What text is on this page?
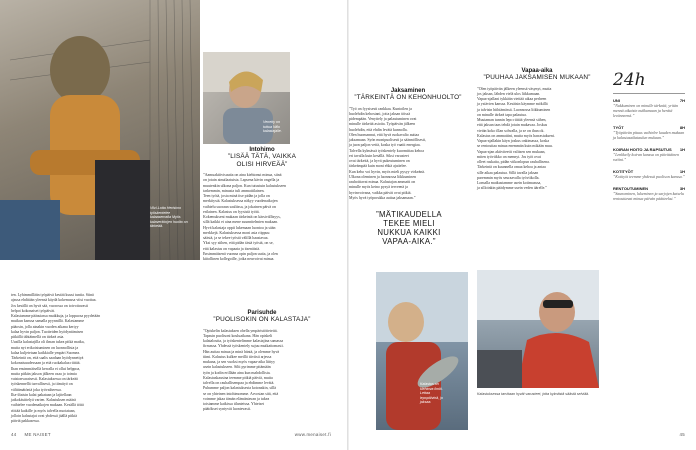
Viivi-Lotta Hertsimo työskentelee kalaasemalla Myös kalaverkkojen huolto on tärkeää.
Venetty on tuttua Niilo kalastajalle.
ten. Lyhimmillään työpäivä kestää kuusi tuntia. Siinä
ajassa ehditään yleensä käydä kokemassa viisi vuottaa.
Jos kesällä on hyvä sää, vuorossa on toivottavasti
helpot kokonaiset työpäivät.
Kalastamme pääasiassa muikkuja, ja loppuosa pyydetään
muikun kanssa samalla pyynnillä. Kalastamme
pääosin, jolla ainakin vuoden aikana kertyy
kalaa hyvin paljon. Tuotteiden hyödyntämisen
pitkällä tähtäimellä on tärkeä asia.
Uusilla kalastajilla oli ilman tukea pitkä matka,
mutta nyt erikoistuminen on luonnollista ja
kalaa kuljetetaan kaikkialle ympäri Suomea.
Tärkeintä on, että saalis saadaan hyödynnettyä
kokonaisuudessaan ja että ruokakalaa riittää.
Ihan ensimmäisellä kerralla ei ollut helppoa,
mutta pitkän jakson jälkeen osaa jo toimia
vaistonvaraisesti. Kalastuksessa on tärkeää
työskennellä turvallisesti, ja tiimityö on
välttämätöntä joka työvaiheessa.
Ilta-iltaisin kalat pakataan ja lajitellaan
jatkokäsittelyä varten. Kalastuksen määrä
vaihtelee vuodenaikojen mukaan. Kesällä töitä
riittää kaikille ja myös talvella nuotataan,
jolloin kalastajat ovat yhdessä jäällä pitkiä
päiviä pakkasessa.
Intohimo
”LISÄÄ TÄTÄ, VAIKKA
OLISI HIRVEÄÄ”
”Aamuaktiivisuutta on aina kiehtonut minua, siinä
on jotain ainutlaatuista. Lapsena kävin ongella ja
muutenkin ulkona paljon. Kun tutustuin kalastukseen
tarkemmin, minusta tuli ammattilainen.
Teen työtä, josta minä itse pidän ja jolla on
merkitystä. Kalastuksessa näkyy vuodenaikojen
vaihtelu suoraan saaliissa, ja jokainen päivä on
erilainen. Kalastus on fyysistä työtä.
Kokemukseni mukaan tärkeintä on kärsivällisyys,
sillä kaikki ei aina mene suunnitelmien mukaan.
Hyvä kalastaja oppii lukemaan luontoa ja sään
merkkejä. Kalastuksessa moni asia riippuu
säästä, ja se tekee työstä välillä haastavaa.
Yksi syy siihen, että pidän tästä työstä, on se,
että kalastus on vapaata ja itsenäistä.
Ensimmäisenä vuonna opin paljon uutta, ja olen
kiitollinen kollegoille, jotka neuvoivat minua.
Parisuhde
”PUOLISOKIN ON KALASTAJA”
”Opiskelin kalastuksen ohella ympäristötieteitä.
Tapasin puolisoni kouluaikana. Hän opiskeli
kalataloutta, ja työskentelimme kalastajina samassa
firmassa. Yhdessä työskentely sujuu mutkattomasti.
Hän auttaa minua ja minä häntä, ja olemme hyvä
tiimi. Kalastus kulkee meillä tiiviisti arjessa
mukana, ja sen vuoksi myös vapaa-aika liittyy
usein kalastukseen. Silti pyrimme pitämään
työn ja kodin erillään aina kun mahdollista.
Kalastuskausina teemme pitkiä päiviä, mutta
talvella on rauhallisempaa ja ehdimme levätä.
Puhumme paljon kalastuksesta kotonakin, sillä
se on yhteinen intohimomme. Arvostan sitä, että
voimme jakaa tämän elämäntavan ja tukea
toisiamme kaikissa tilanteissa. Yhteiset
päätökset syntyvät luontevasti.
44 ME NAISET	www.menaiset.fi
Jaksaminen
”TÄRKEINTÄ ON KEHONHUOLTO”
”Työ on fyysisesti rankkaa. Kuntoilen ja
huolehdin kehostani, jotta jaksan töissä
pidempään. Venyttely ja palautuminen ovat
minulle tärkeitä asioita. Työpäivän jälkeen
huolehdin, että ehdin levätä kunnolla.
Olen huomannut, että hyvä ruokavalio auttaa
jaksamaan. Syön monipuolisesti ja säännöllisesti,
ja juon paljon vettä, koska työ vaatii energiaa.
Talvella kylmässä työskentely kuormittaa kehoa
eri tavalla kuin kesällä. Siksi varusteet
ovat tärkeitä, ja hyvä pukeutuminen on
tärkeämpää kuin moni ehkä ajattelee.
Kun keho voi hyvin, myös mieli pysyy virkeänä.
Ulkona oleminen ja luonnossa liikkuminen
rauhoittavat minua. Kalastajan ammatti on
minulle myös keino pysyä terveenä ja
hyvinvoivana, vaikka päivät ovat pitkiä.
Myös hyvä työporukka auttaa jaksamaan.”
”MÄTIKAUDELLA
TEKEE MIELI
NUKKUA KAIKKI
VAPAA-AIKA.”
Vapaa-aika
”PUUHAA JAKSAMISEN MUKAAN”
”Olen työpäivän jälkeen yleensä väsynyt, mutta
jos jaksan, lähden vielä ulos liikkumaan.
Vapaa-ajallani tykkään viettää aikaa perheen
ja ystävien kanssa. Kesäisin käymme mökillä
ja talvisin hiihtämässä. Luonnossa liikkuminen
on minulle tärkeä tapa palautua.
Muutaman tunnin lepo riittää yleensä siihen,
että jaksan taas tehdä jotain mukavaa. Joskus
vietän koko illan sohvalla, ja se on ihan ok.
Kalastus on ammattini, mutta myös harrastukseni.
Vapaa-ajallakin käyn joskus onkimassa, koska
se rentouttaa minua enemmän kuin mikään muu.
Vapaa-ajan aktiviteetit valitsen sen mukaan,
miten työviikko on mennyt. Jos työt ovat
olleet raskaita, pidän viikonlopun rauhallisena.
Tärkeintä on kuunnella omaa kehoa ja antaa
sille aikaa palautua. Sillä tavalla jaksan
paremmin myös seuraavalla työviikolla.
Lomalla matkustamme usein kotimaassa,
ja silloinkin päädymme usein veden äärelle.”
Kalastus on kiehtova ilmiö. Lettaa lepopäivinä, jo jaksaa.
Kalastuksessa tarvitaan hyvät varusteet, jotta kylmästä säästä selviää.
24h
UNI	7H
”Nukkuminen on minulle tärkeää, yritän mennä aikaisin nukkumaan ja herätä levänneenä.”
TYÖT	8H
”Työpäivän pituus vaihtelee kauden mukaan ja kalastusaikataulun mukaan.”
KOIRAN HOITO JA RAPSUTUS 1H
”Lenkkeily koiran kanssa on päivittäinen rutiini.”
KOTITYÖT	1H
”Kotityöt teemme yhdessä puolison kanssa.”
RENTOUTUMINEN	3H
”Saunominen, lukeminen ja sarjojen katselu rentouttavat minua päivän päätteeksi.”
45
